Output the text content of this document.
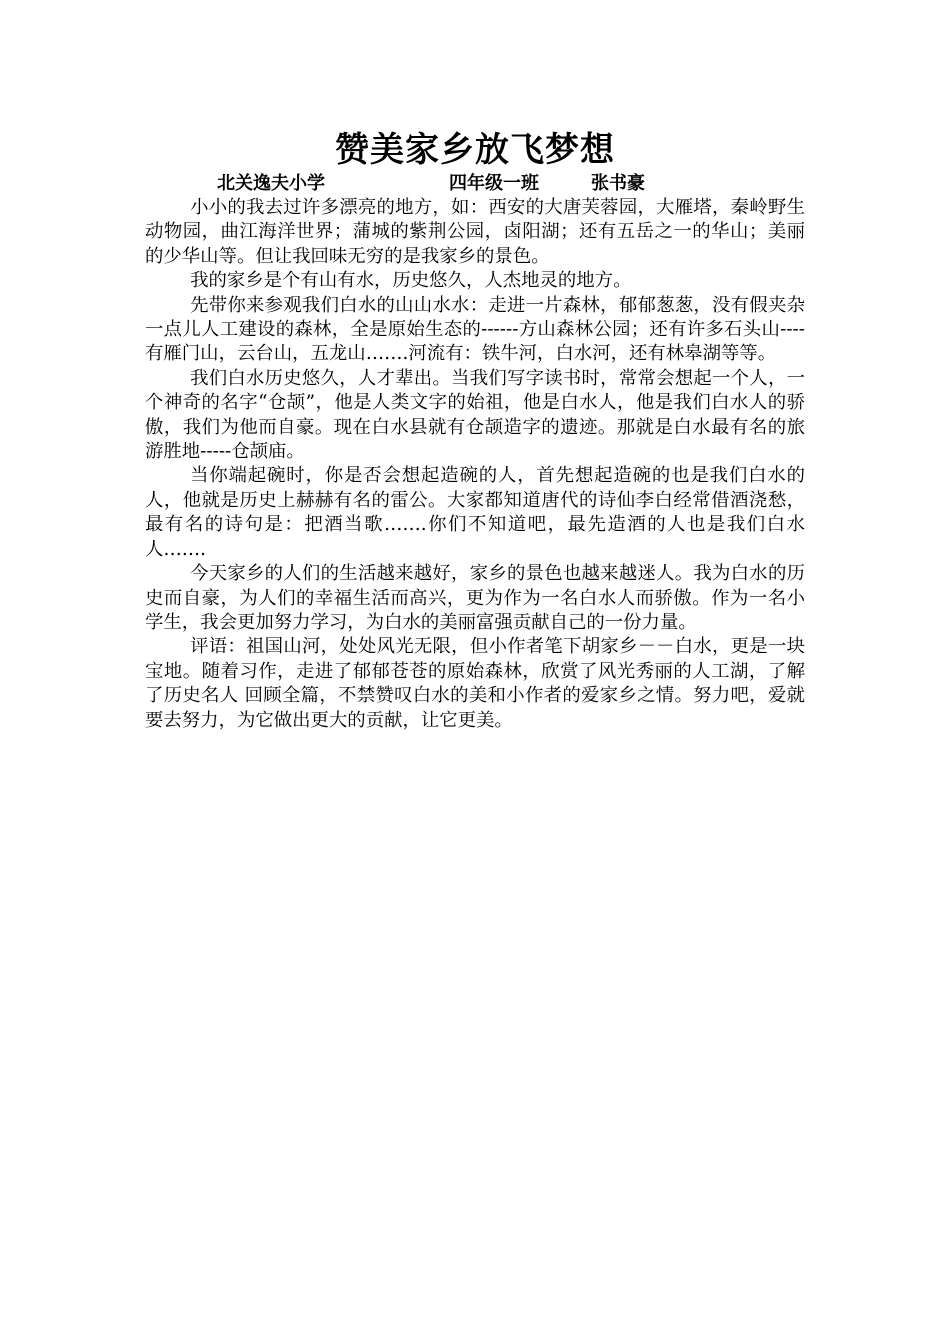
赞美家乡放飞梦想
北关逸夫小学	四年级一班	张书豪

小小的我去过许多漂亮的地方，如：西安的大唐芙蓉园，大雁塔，秦岭野生动物园，曲江海洋世界；蒲城的紫荆公园，卤阳湖；还有五岳之一的华山；美丽的少华山等。但让我回味无穷的是我家乡的景色。

我的家乡是个有山有水，历史悠久，人杰地灵的地方。

先带你来参观我们白水的山山水水：走进一片森林，郁郁葱葱，没有假夹杂一点儿人工建设的森林，全是原始生态的------方山森林公园；还有许多石头山----有雁门山，云台山，五龙山…….河流有：铁牛河，白水河，还有林皋湖等等。

我们白水历史悠久，人才辈出。当我们写字读书时，常常会想起一个人，一个神奇的名字“仓颉”，他是人类文字的始祖，他是白水人，他是我们白水人的骄傲，我们为他而自豪。现在白水县就有仓颉造字的遗迹。那就是白水最有名的旅游胜地-----仓颉庙。

当你端起碗时，你是否会想起造碗的人，首先想起造碗的也是我们白水的人，他就是历史上赫赫有名的雷公。大家都知道唐代的诗仙李白经常借酒浇愁，最有名的诗句是：把酒当歌…….你们不知道吧，最先造酒的人也是我们白水人…….

今天家乡的人们的生活越来越好，家乡的景色也越来越迷人。我为白水的历史而自豪，为人们的幸福生活而高兴，更为作为一名白水人而骄傲。作为一名小学生，我会更加努力学习，为白水的美丽富强贡献自己的一份力量。

评语：祖国山河，处处风光无限，但小作者笔下胡家乡－－白水，更是一块宝地。随着习作，走进了郁郁苍苍的原始森林，欣赏了风光秀丽的人工湖，了解了历史名人 回顾全篇，不禁赞叹白水的美和小作者的爱家乡之情。努力吧，爱就要去努力，为它做出更大的贡献，让它更美。
